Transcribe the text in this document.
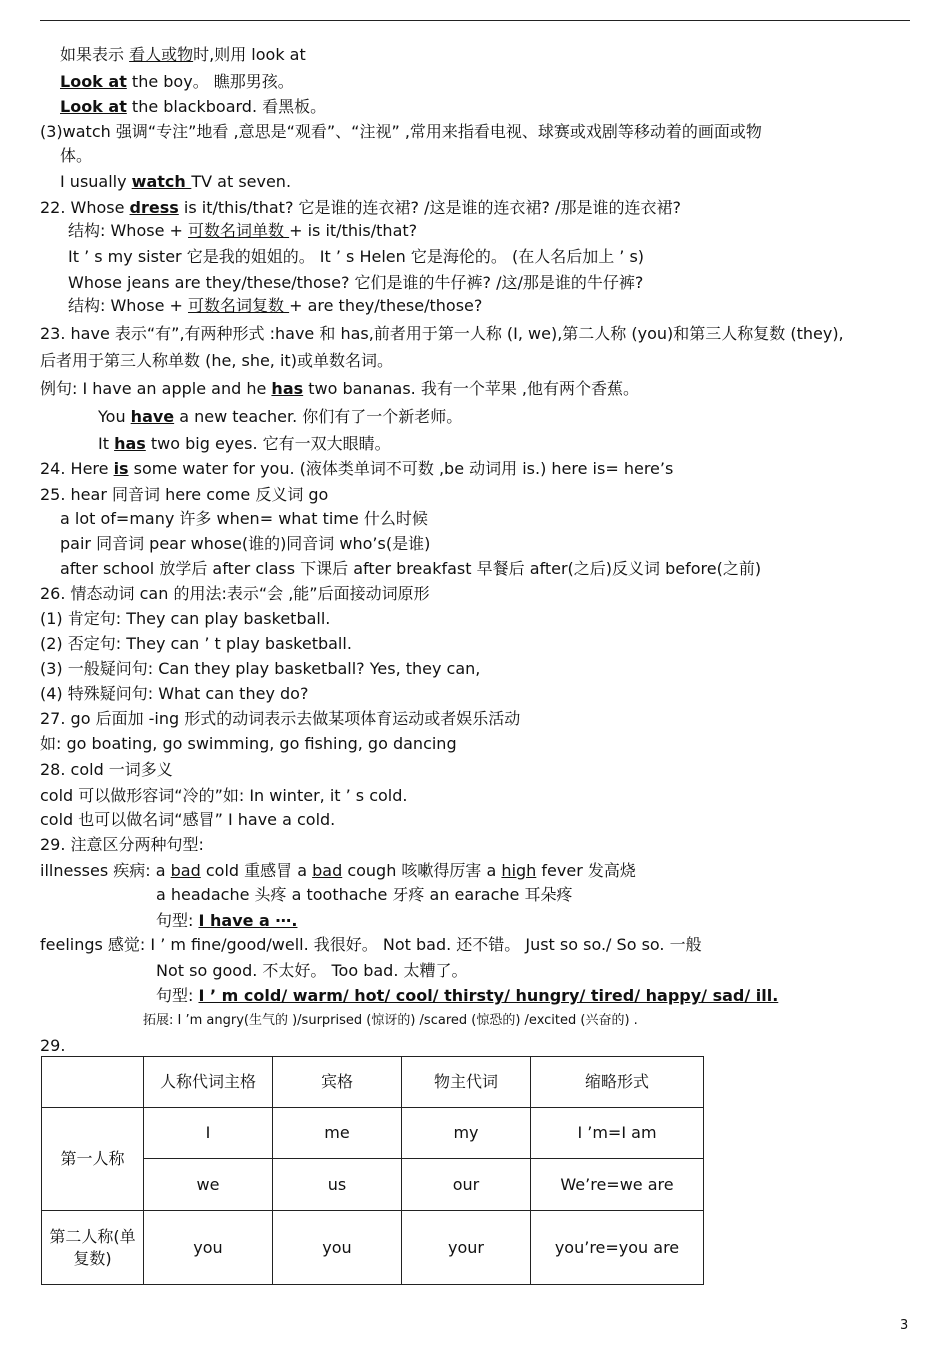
如果表示 看人或物时,则用 look at
Look at the boy。 瞧那男孩。
Look at the blackboard. 看黑板。
(3)watch 强调“专注”地看 ,意思是“观看”、“注视” ,常用来指看电视、球赛或戏剧等移动着的画面或物
体。
I usually watch TV at seven.
22. Whose dress is it/this/that? 它是谁的连衣裙? /这是谁的连衣裙? /那是谁的连衣裙?
结构: Whose + 可数名词单数 + is it/this/that?
It ’ s my sister 它是我的姐姐的。 It ’ s Helen 它是海伦的。 (在人名后加上 ’ s)
Whose jeans are they/these/those? 它们是谁的牛仔裤? /这/那是谁的牛仔裤?
结构: Whose + 可数名词复数 + are they/these/those?
23. have 表示“有”,有两种形式 :have 和 has,前者用于第一人称 (I, we),第二人称 (you)和第三人称复数 (they),
后者用于第三人称单数 (he, she, it)或单数名词。
例句: I have an apple and he has two bananas. 我有一个苹果 ,他有两个香蕉。
You have a new teacher. 你们有了一个新老师。
It has two big eyes. 它有一双大眼睛。
24. Here is some water for you. (液体类单词不可数 ,be 动词用 is.) here is= here’s
25. hear 同音词 here come 反义词 go
a lot of=many 许多 when= what time 什么时候
pair 同音词 pear whose(谁的)同音词 who’s(是谁)
after school 放学后 after class 下课后 after breakfast 早餐后 after(之后)反义词 before(之前)
26. 情态动词 can 的用法:表示“会 ,能”后面接动词原形
(1) 肯定句: They can play basketball.
(2) 否定句: They can ’ t play basketball.
(3) 一般疑问句: Can they play basketball? Yes, they can,
(4) 特殊疑问句: What can they do?
27. go 后面加 -ing 形式的动词表示去做某项体育运动或者娱乐活动
如: go boating, go swimming, go fishing, go dancing
28. cold 一词多义
cold 可以做形容词“冷的”如: In winter, it ’ s cold.
cold 也可以做名词“感冒” I have a cold.
29. 注意区分两种句型:
illnesses 疾病: a bad cold 重感冒 a bad cough 咳嗽得厉害 a high fever 发高烧
a headache 头疼 a toothache 牙疼 an earache 耳朵疼
句型: I have a ⋯.
feelings 感觉: I ’ m fine/good/well. 我很好。 Not bad. 还不错。 Just so so./ So so. 一般
Not so good. 不太好。 Too bad. 太糟了。
句型: I ’ m cold/ warm/ hot/ cool/ thirsty/ hungry/ tired/ happy/ sad/ ill.
拓展: I ’m angry(生气的 )/surprised (惊讶的) /scared (惊恐的) /excited (兴奋的) .
29.
	人称代词主格	宾格	物主代词	缩略形式
第一人称	I	me	my	I ’m=I am
	we	us	our	We’re=we are
第二人称(单复数)	you	you	your	you’re=you are
3
